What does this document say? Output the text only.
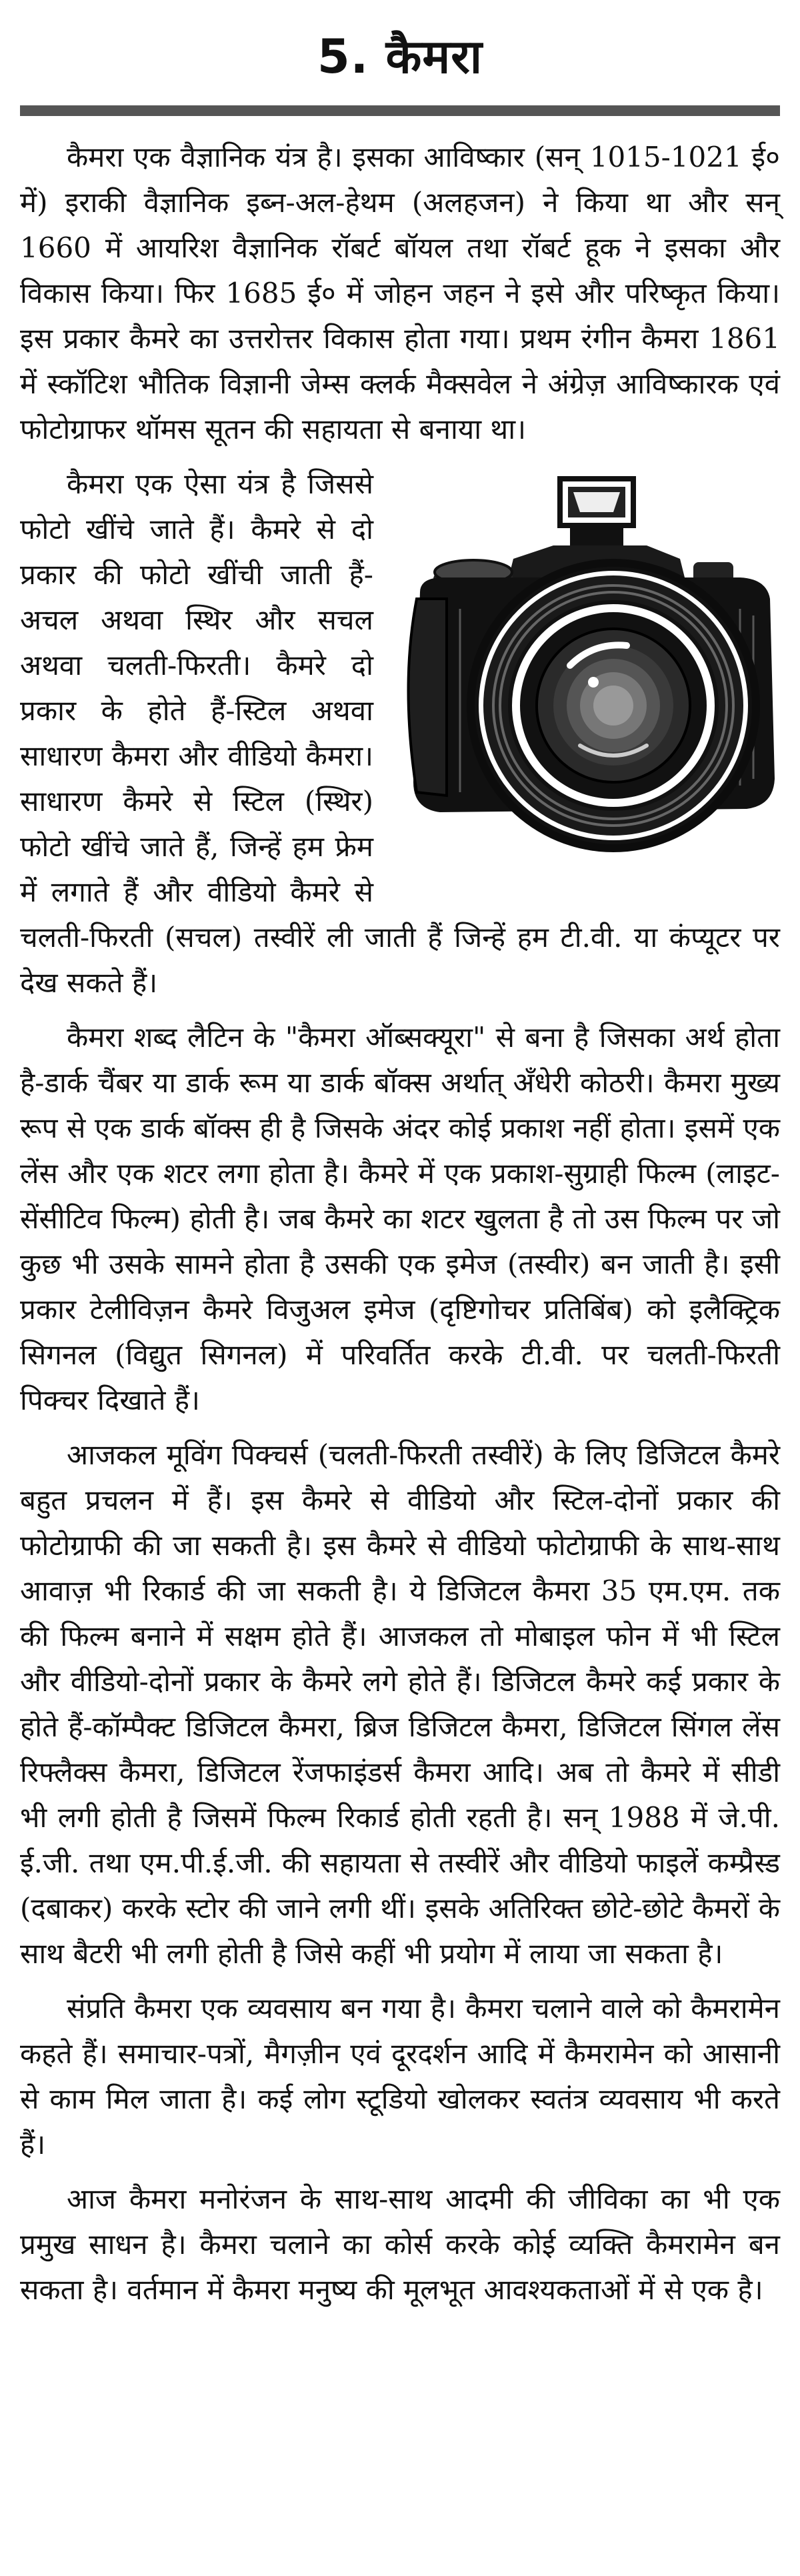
5. कैमरा

कैमरा एक वैज्ञानिक यंत्र है। इसका आविष्कार (सन् 1015-1021 ई० में) इराकी वैज्ञानिक इब्न-अल-हेथम (अलहजन) ने किया था और सन् 1660 में आयरिश वैज्ञानिक रॉबर्ट बॉयल तथा रॉबर्ट हूक ने इसका और विकास किया। फिर 1685 ई० में जोहन जहन ने इसे और परिष्कृत किया। इस प्रकार कैमरे का उत्तरोत्तर विकास होता गया। प्रथम रंगीन कैमरा 1861 में स्कॉटिश भौतिक विज्ञानी जेम्स क्लर्क मैक्सवेल ने अंग्रेज़ आविष्कारक एवं फोटोग्राफर थॉमस सूतन की सहायता से बनाया था।

कैमरा एक ऐसा यंत्र है जिससे फोटो खींचे जाते हैं। कैमरे से दो प्रकार की फोटो खींची जाती हैं-अचल अथवा स्थिर और सचल अथवा चलती-फिरती। कैमरे दो प्रकार के होते हैं-स्टिल अथवा साधारण कैमरा और वीडियो कैमरा। साधारण कैमरे से स्टिल (स्थिर) फोटो खींचे जाते हैं, जिन्हें हम फ्रेम में लगाते हैं और वीडियो कैमरे से चलती-फिरती (सचल) तस्वीरें ली जाती हैं जिन्हें हम टी.वी. या कंप्यूटर पर देख सकते हैं।

कैमरा शब्द लैटिन के "कैमरा ऑब्सक्यूरा" से बना है जिसका अर्थ होता है-डार्क चैंबर या डार्क रूम या डार्क बॉक्स अर्थात् अँधेरी कोठरी। कैमरा मुख्य रूप से एक डार्क बॉक्स ही है जिसके अंदर कोई प्रकाश नहीं होता। इसमें एक लेंस और एक शटर लगा होता है। कैमरे में एक प्रकाश-सुग्राही फिल्म (लाइट-सेंसीटिव फिल्म) होती है। जब कैमरे का शटर खुलता है तो उस फिल्म पर जो कुछ भी उसके सामने होता है उसकी एक इमेज (तस्वीर) बन जाती है। इसी प्रकार टेलीविज़न कैमरे विजुअल इमेज (दृष्टिगोचर प्रतिबिंब) को इलैक्ट्रिक सिगनल (विद्युत सिगनल) में परिवर्तित करके टी.वी. पर चलती-फिरती पिक्चर दिखाते हैं।

आजकल मूविंग पिक्चर्स (चलती-फिरती तस्वीरें) के लिए डिजिटल कैमरे बहुत प्रचलन में हैं। इस कैमरे से वीडियो और स्टिल-दोनों प्रकार की फोटोग्राफी की जा सकती है। इस कैमरे से वीडियो फोटोग्राफी के साथ-साथ आवाज़ भी रिकार्ड की जा सकती है। ये डिजिटल कैमरा 35 एम.एम. तक की फिल्म बनाने में सक्षम होते हैं। आजकल तो मोबाइल फोन में भी स्टिल और वीडियो-दोनों प्रकार के कैमरे लगे होते हैं। डिजिटल कैमरे कई प्रकार के होते हैं-कॉम्पैक्ट डिजिटल कैमरा, ब्रिज डिजिटल कैमरा, डिजिटल सिंगल लेंस रिफ्लैक्स कैमरा, डिजिटल रेंजफाइंडर्स कैमरा आदि। अब तो कैमरे में सीडी भी लगी होती है जिसमें फिल्म रिकार्ड होती रहती है। सन् 1988 में जे.पी. ई.जी. तथा एम.पी.ई.जी. की सहायता से तस्वीरें और वीडियो फाइलें कम्प्रैस्ड (दबाकर) करके स्टोर की जाने लगी थीं। इसके अतिरिक्त छोटे-छोटे कैमरों के साथ बैटरी भी लगी होती है जिसे कहीं भी प्रयोग में लाया जा सकता है।

संप्रति कैमरा एक व्यवसाय बन गया है। कैमरा चलाने वाले को कैमरामेन कहते हैं। समाचार-पत्रों, मैगज़ीन एवं दूरदर्शन आदि में कैमरामेन को आसानी से काम मिल जाता है। कई लोग स्टूडियो खोलकर स्वतंत्र व्यवसाय भी करते हैं।

आज कैमरा मनोरंजन के साथ-साथ आदमी की जीविका का भी एक प्रमुख साधन है। कैमरा चलाने का कोर्स करके कोई व्यक्ति कैमरामेन बन सकता है। वर्तमान में कैमरा मनुष्य की मूलभूत आवश्यकताओं में से एक है।
